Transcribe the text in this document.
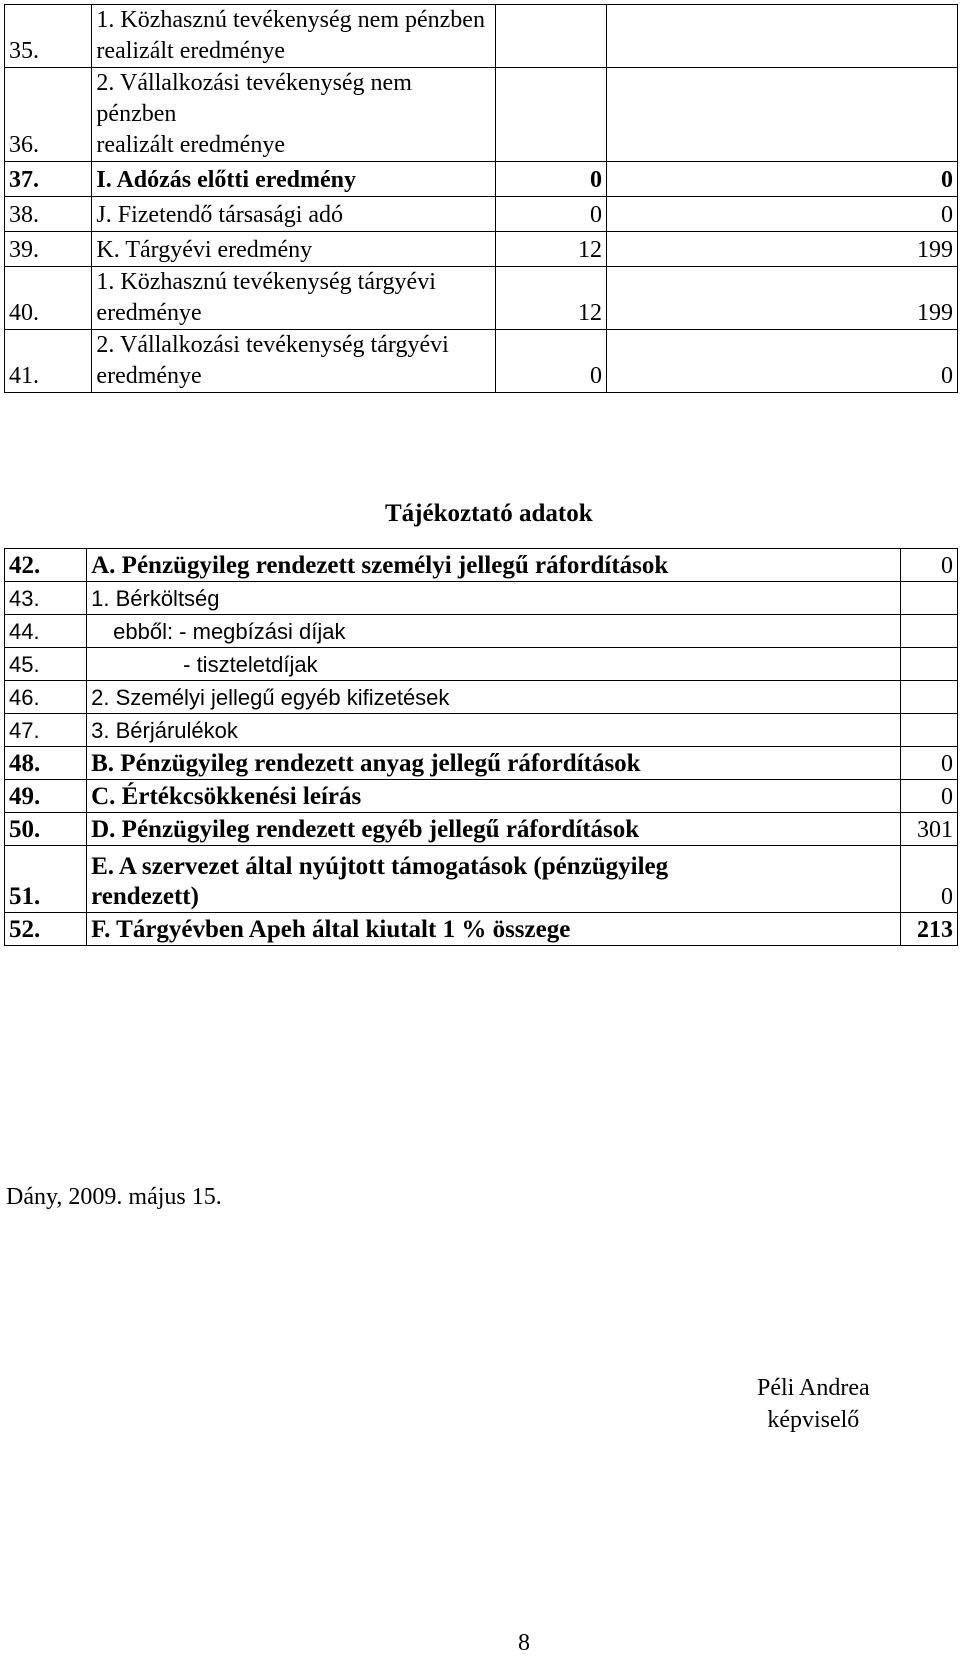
35.	1. Közhasznú tevékenység nem pénzben
realizált eredménye		
36.	2. Vállalkozási tevékenység nem pénzben
realizált eredménye		
37.	I. Adózás előtti eredmény	0	0
38.	J. Fizetendő társasági adó	0	0
39.	K. Tárgyévi eredmény	12	199
40.	1. Közhasznú tevékenység tárgyévi
eredménye	12	199
41.	2. Vállalkozási tevékenység tárgyévi
eredménye	0	0
Tájékoztató adatok
42.	A. Pénzügyileg rendezett személyi jellegű ráfordítások	0
43.	1. Bérköltség	
44.	ebből: - megbízási díjak	
45.	- tiszteletdíjak	
46.	2. Személyi jellegű egyéb kifizetések	
47.	3. Bérjárulékok	
48.	B. Pénzügyileg rendezett anyag jellegű ráfordítások	0
49.	C. Értékcsökkenési leírás	0
50.	D. Pénzügyileg rendezett egyéb jellegű ráfordítások	301
51.	E. A szervezet által nyújtott támogatások (pénzügyileg
rendezett)	0
52.	F. Tárgyévben Apeh által kiutalt 1 % összege	213
Dány, 2009. május 15.
Péli Andrea
képviselő
8
